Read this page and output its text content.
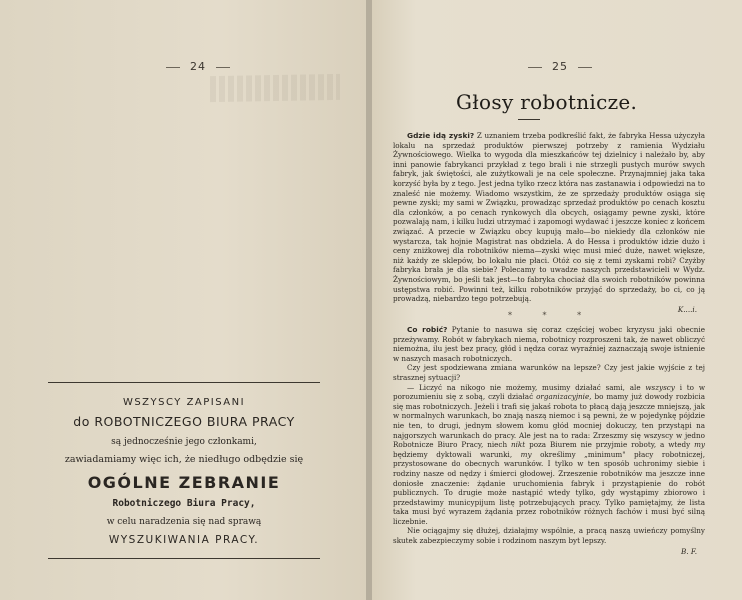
24

WSZYSCY ZAPISANI

do ROBOTNICZEGO BIURA PRACY

są jednocześnie jego członkami,

zawiadamiamy więc ich, że niedługo odbędzie się

OGÓLNE ZEBRANIE

Robotniczego Biura Pracy,

w celu naradzenia się nad sprawą

WYSZUKIWANIA PRACY.

25
Głosy robotnicze.

Gdzie idą zyski? Z uznaniem trzeba podkreślić fakt, że fabryka Hessa użyczyła lokalu na sprzedaż produktów pierwszej potrzeby z ramienia Wydziału Żywnościowego. Wielka to wygoda dla mieszkańców tej dzielnicy i należało by, aby inni panowie fabrykanci przykład z tego brali i nie strzegli pustych murów swych fabryk, jak świętości, ale zużytkowali je na cele społeczne. Przynajmniej jaka taka korzyść była by z tego. Jest jedna tylko rzecz która nas zastanawia i odpowiedzi na to znaleść nie możemy. Wiadomo wszystkim, że ze sprzedaży produktów osiąga się pewne zyski; my sami w Związku, prowadząc sprzedaż produktów po cenach kosztu dla członków, a po cenach rynkowych dla obcych, osiągamy pewne zyski, które pozwalają nam, i kilku ludzi utrzymać i zapomogi wydawać i jeszcze koniec z końcem związać. A przecie w Związku obcy kupują mało—bo niekiedy dla członków nie wystarcza, tak hojnie Magistrat nas obdziela. A do Hessa i produktów idzie dużo i ceny zniżkowej dla robotników niema—zyski więc musi mieć duże, nawet większe, niż każdy ze sklepów, bo lokalu nie płaci. Otóż co się z temi zyskami robi? Czyżby fabryka brała je dla siebie? Polecamy to uwadze naszych przedstawicieli w Wydz. Żywnościowym, bo jeśli tak jest—to fabryka chociaż dla swoich robotników powinna ustępstwa robić. Powinni też, kilku robotników przyjąć do sprzedaży, bo ci, co ją prowadzą, niebardzo tego potrzebują.

K....i.

* * *

Co robić? Pytanie to nasuwa się coraz częściej wobec kryzysu jaki obecnie przeżywamy. Robót w fabrykach niema, robotnicy rozproszeni tak, że nawet obliczyć niemożna, ilu jest bez pracy, głód i nędza coraz wyraźniej zaznaczają swoje istnienie w naszych masach robotniczych.

Czy jest spodziewana zmiana warunków na lepsze? Czy jest jakie wyjście z tej strasznej sytuacji?

— Liczyć na nikogo nie możemy, musimy działać sami, ale wszyscy i to w porozumieniu się z sobą, czyli działać organizacyjnie, bo mamy już dowody rozbicia się mas robotniczych. Jeżeli i trafi się jakaś robota to płacą dają jeszcze mniejszą, jak w normalnych warunkach, bo znają naszą niemoc i są pewni, że w pojedynkę pójdzie nie ten, to drugi, jednym słowem komu głód mocniej dokuczy, ten przystąpi na najgorszych warunkach do pracy. Ale jest na to rada: Zrzeszmy się wszyscy w jedno Robotnicze Biuro Pracy, niech nikt poza Biurem nie przyjmie roboty, a wtedy my będziemy dyktowali warunki, my określimy „minimum" płacy robotniczej, przystosowane do obecnych warunków. I tylko w ten sposób uchronimy siebie i rodziny nasze od nędzy i śmierci głodowej. Zrzeszenie robotników ma jeszcze inne doniosłe znaczenie: żądanie uruchomienia fabryk i przystąpienie do robót publicznych. To drugie może nastąpić wtedy tylko, gdy wystąpimy zbiorowo i przedstawimy municypijum listę potrzebujących pracy. Tylko pamiętajmy, że lista taka musi być wyrazem żądania przez robotników różnych fachów i musi być silną liczebnie.

Nie ociągajmy się dłużej, działajmy wspólnie, a pracą naszą uwieńczy pomyślny skutek zabezpieczymy sobie i rodzinom naszym byt lepszy.

B. F.
